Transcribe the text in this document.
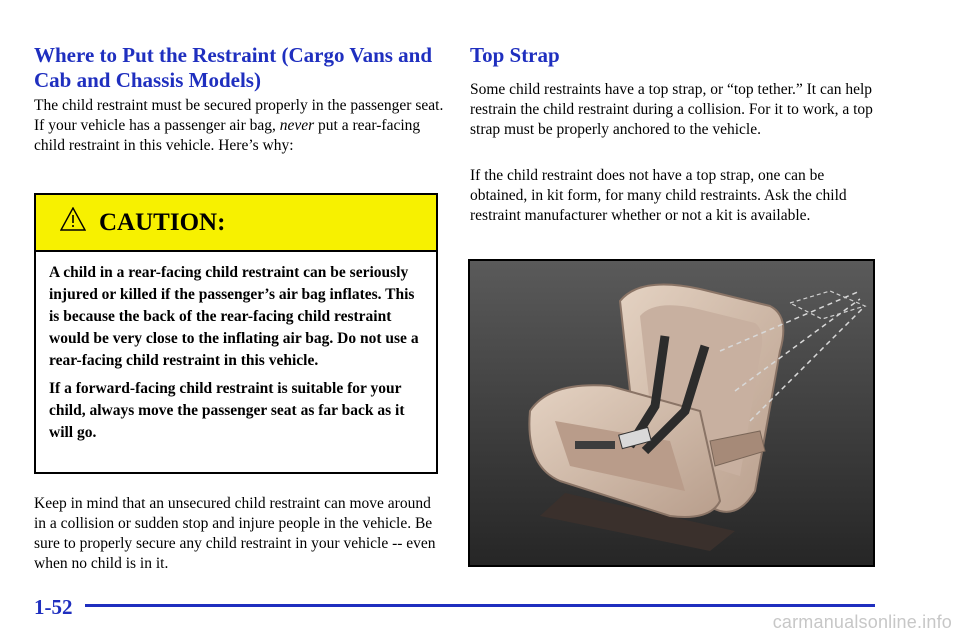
Where to Put the Restraint (Cargo Vans and Cab and Chassis Models)

The child restraint must be secured properly in the passenger seat. If your vehicle has a passenger air bag, never put a rear-facing child restraint in this vehicle. Here’s why:

CAUTION:

A child in a rear-facing child restraint can be seriously injured or killed if the passenger’s air bag inflates. This is because the back of the rear-facing child restraint would be very close to the inflating air bag. Do not use a rear-facing child restraint in this vehicle.

If a forward-facing child restraint is suitable for your child, always move the passenger seat as far back as it will go.

Keep in mind that an unsecured child restraint can move around in a collision or sudden stop and injure people in the vehicle. Be sure to properly secure any child restraint in your vehicle -- even when no child is in it.

Top Strap

Some child restraints have a top strap, or “top tether.” It can help restrain the child restraint during a collision. For it to work, a top strap must be properly anchored to the vehicle.

If the child restraint does not have a top strap, one can be obtained, in kit form, for many child restraints. Ask the child restraint manufacturer whether or not a kit is available.

1-52
carmanualsonline.info
